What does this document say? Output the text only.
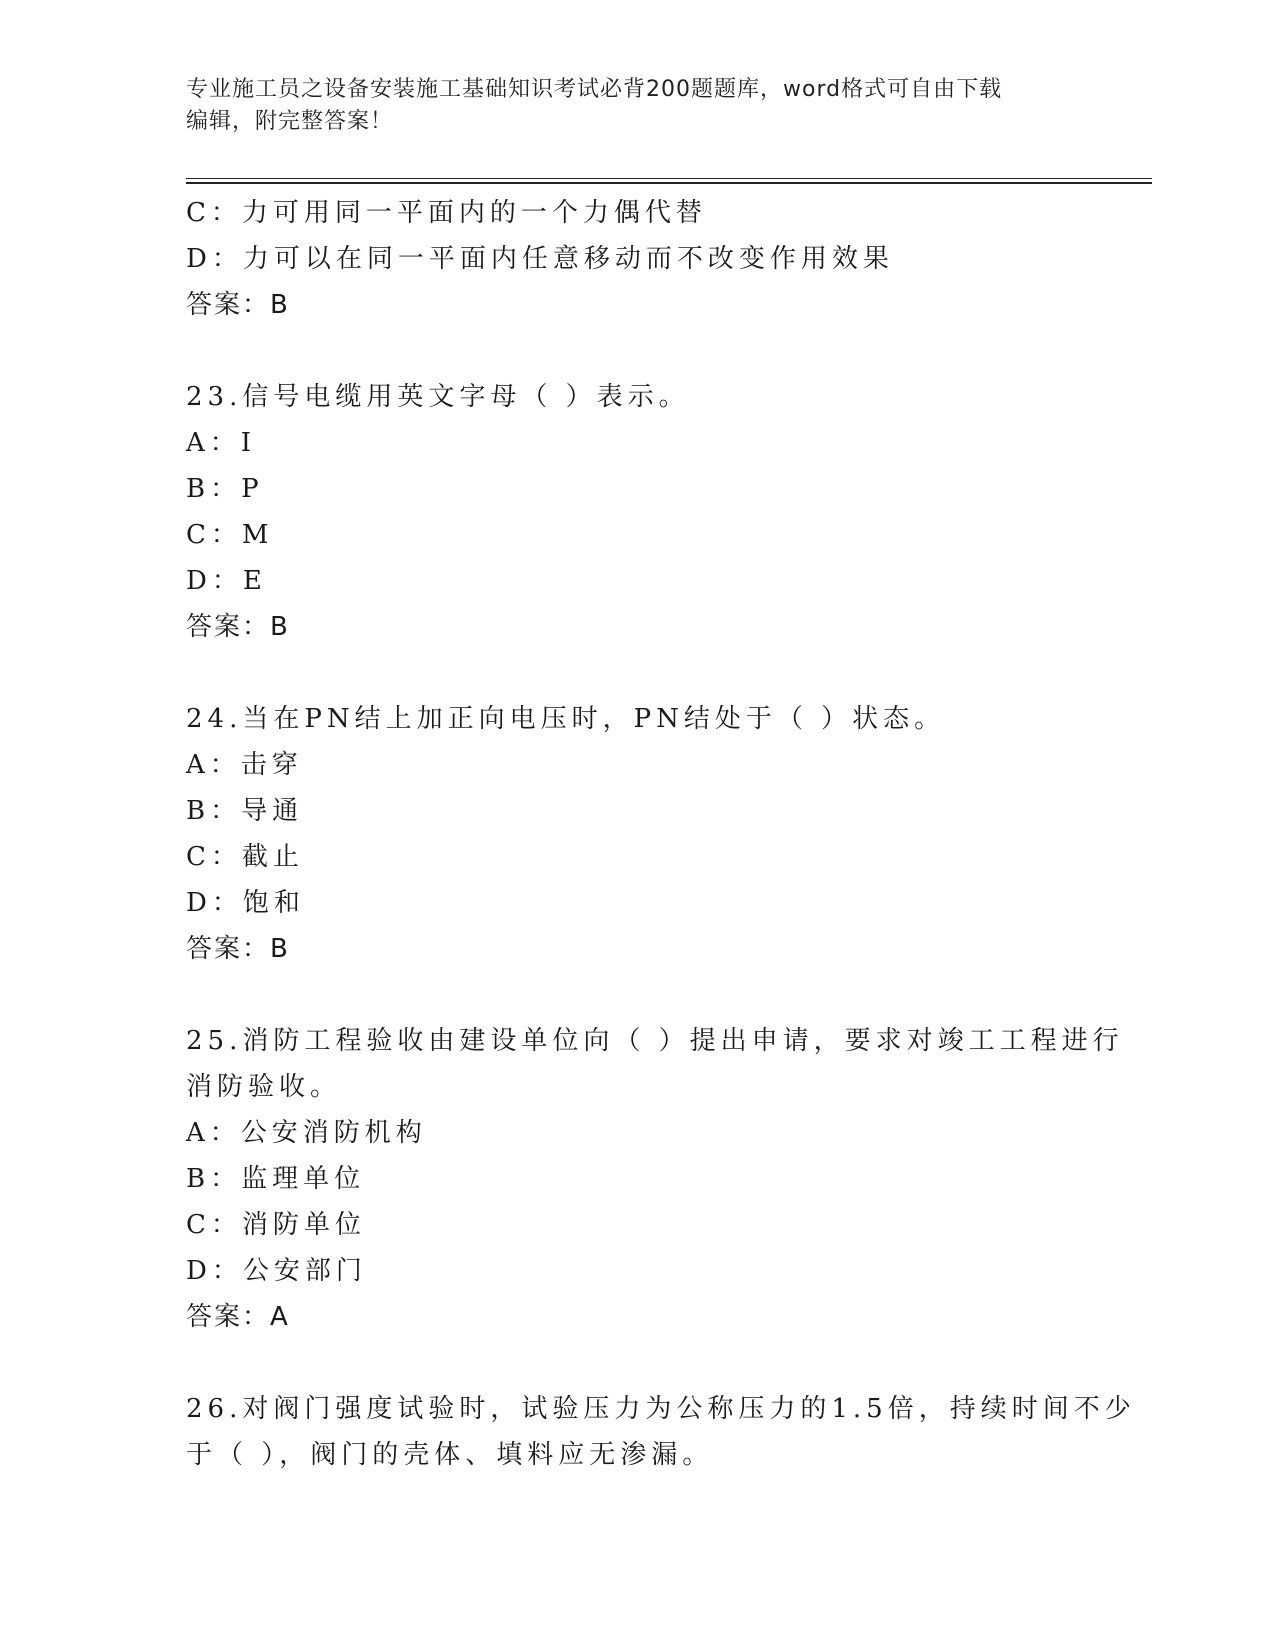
专业施工员之设备安装施工基础知识考试必背200题题库，word格式可自由下载
编辑，附完整答案！
C：力可用同一平面内的一个力偶代替
D：力可以在同一平面内任意移动而不改变作用效果
答案：B
23.信号电缆用英文字母（ ）表示。
A：I
B：P
C：M
D：E
答案：B
24.当在PN结上加正向电压时，PN结处于（ ）状态。
A：击穿
B：导通
C：截止
D：饱和
答案：B
25.消防工程验收由建设单位向（ ）提出申请，要求对竣工工程进行
消防验收。
A：公安消防机构
B：监理单位
C：消防单位
D：公安部门
答案：A
26.对阀门强度试验时，试验压力为公称压力的1.5倍，持续时间不少
于（ ），阀门的壳体、填料应无渗漏。
